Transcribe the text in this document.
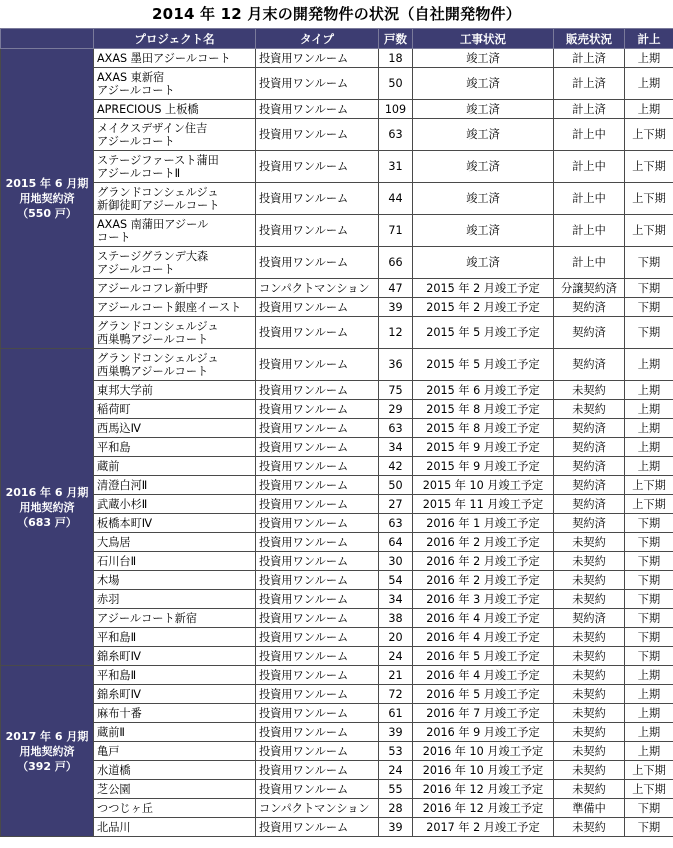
2014 年 12 月末の開発物件の状況（自社開発物件）
	プロジェクト名	タイプ	戸数	工事状況	販売状況	計上
2015 年 6 月期
用地契約済
（550 戸）	AXAS 墨田アジールコート	投資用ワンルーム	18	竣工済	計上済	上期

	AXAS 東新宿
アジールコート	投資用ワンルーム	50	竣工済	計上済	上期

	APRECIOUS 上板橋	投資用ワンルーム	109	竣工済	計上済	上期

	メイクスデザイン住吉
アジールコート	投資用ワンルーム	63	竣工済	計上中	上下期

	ステージファースト蒲田
アジールコートⅡ	投資用ワンルーム	31	竣工済	計上中	上下期

	グランドコンシェルジュ
新御徒町アジールコート	投資用ワンルーム	44	竣工済	計上中	上下期

	AXAS 南蒲田アジール
コート	投資用ワンルーム	71	竣工済	計上中	上下期

	ステージグランデ大森
アジールコート	投資用ワンルーム	66	竣工済	計上中	下期

	アジールコフレ新中野	コンパクトマンション	47	2015 年 2 月竣工予定	分譲契約済	下期

	アジールコート銀座イースト	投資用ワンルーム	39	2015 年 2 月竣工予定	契約済	下期

	グランドコンシェルジュ
西巣鴨アジールコート	投資用ワンルーム	12	2015 年 5 月竣工予定	契約済	下期
2016 年 6 月期
用地契約済
（683 戸）	グランドコンシェルジュ
西巣鴨アジールコート	投資用ワンルーム	36	2015 年 5 月竣工予定	契約済	上期

	東邦大学前	投資用ワンルーム	75	2015 年 6 月竣工予定	未契約	上期

	稲荷町	投資用ワンルーム	29	2015 年 8 月竣工予定	未契約	上期

	西馬込Ⅳ	投資用ワンルーム	63	2015 年 8 月竣工予定	契約済	上期

	平和島	投資用ワンルーム	34	2015 年 9 月竣工予定	契約済	上期

	蔵前	投資用ワンルーム	42	2015 年 9 月竣工予定	契約済	上期

	清澄白河Ⅱ	投資用ワンルーム	50	2015 年 10 月竣工予定	契約済	上下期

	武蔵小杉Ⅱ	投資用ワンルーム	27	2015 年 11 月竣工予定	契約済	上下期

	板橋本町Ⅳ	投資用ワンルーム	63	2016 年 1 月竣工予定	契約済	下期

	大鳥居	投資用ワンルーム	64	2016 年 2 月竣工予定	未契約	下期

	石川台Ⅱ	投資用ワンルーム	30	2016 年 2 月竣工予定	未契約	下期

	木場	投資用ワンルーム	54	2016 年 2 月竣工予定	未契約	下期

	赤羽	投資用ワンルーム	34	2016 年 3 月竣工予定	未契約	下期

	アジールコート新宿	投資用ワンルーム	38	2016 年 4 月竣工予定	契約済	下期

	平和島Ⅱ	投資用ワンルーム	20	2016 年 4 月竣工予定	未契約	下期

	錦糸町Ⅳ	投資用ワンルーム	24	2016 年 5 月竣工予定	未契約	下期
2017 年 6 月期
用地契約済
（392 戸）	平和島Ⅱ	投資用ワンルーム	21	2016 年 4 月竣工予定	未契約	上期

	錦糸町Ⅳ	投資用ワンルーム	72	2016 年 5 月竣工予定	未契約	上期

	麻布十番	投資用ワンルーム	61	2016 年 7 月竣工予定	未契約	上期

	蔵前Ⅱ	投資用ワンルーム	39	2016 年 9 月竣工予定	未契約	上期

	亀戸	投資用ワンルーム	53	2016 年 10 月竣工予定	未契約	上期

	水道橋	投資用ワンルーム	24	2016 年 10 月竣工予定	未契約	上下期

	芝公園	投資用ワンルーム	55	2016 年 12 月竣工予定	未契約	上下期

	つつじヶ丘	コンパクトマンション	28	2016 年 12 月竣工予定	準備中	下期

	北品川	投資用ワンルーム	39	2017 年 2 月竣工予定	未契約	下期
